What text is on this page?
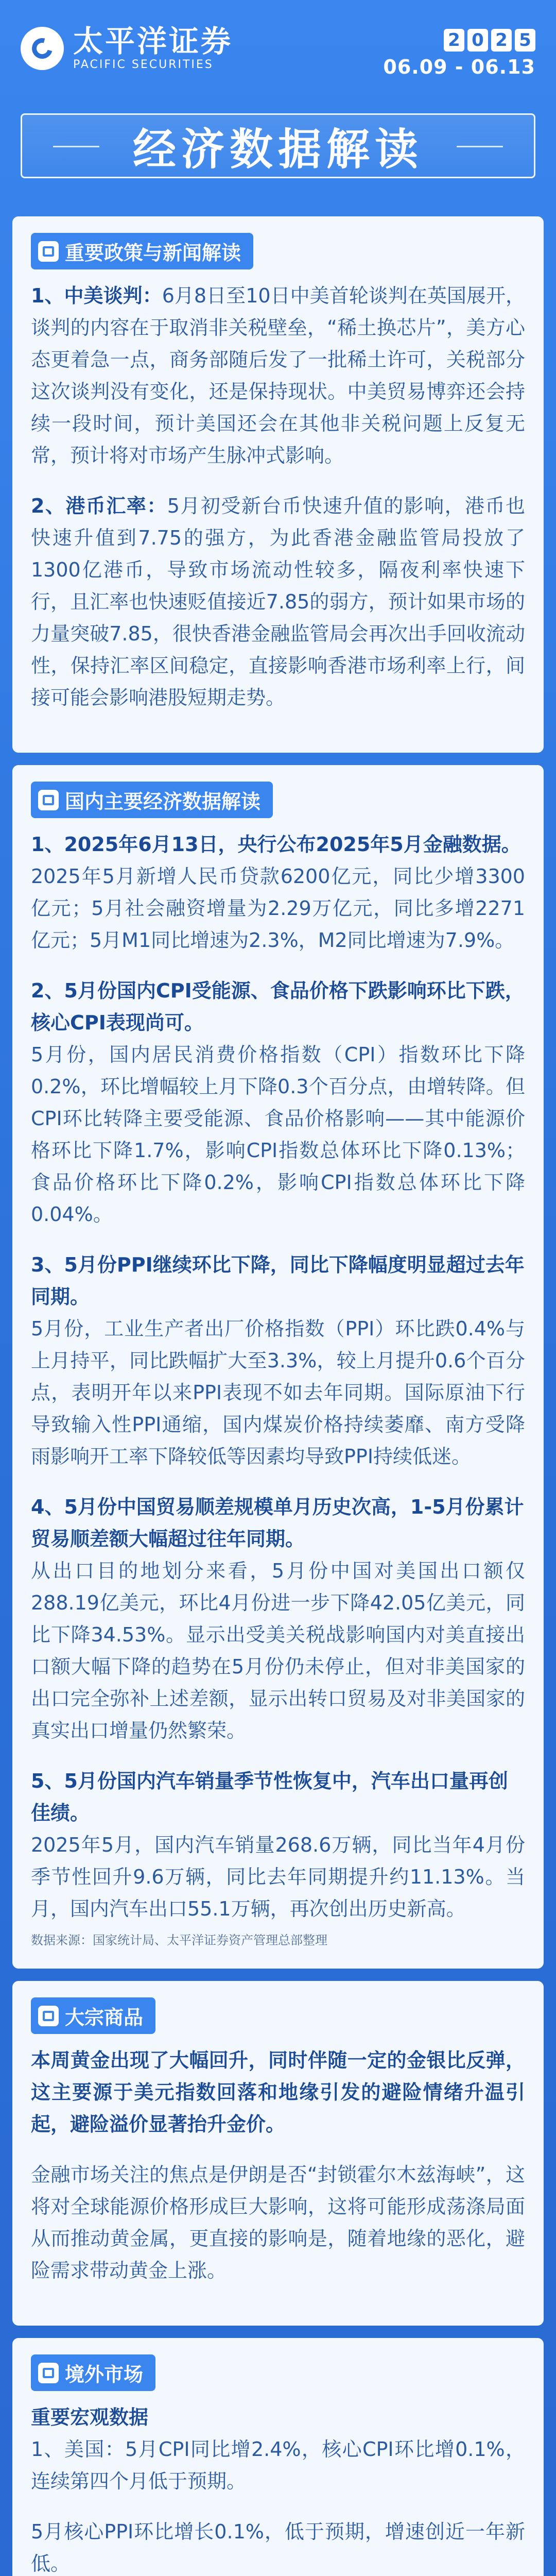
太平洋证券
PACIFIC SECURITIES
2 0 2 5
06.09 - 06.13
经济数据解读
重要政策与新闻解读

1、中美谈判：6月8日至10日中美首轮谈判在英国展开，谈判的内容在于取消非关税壁垒，“稀土换芯片”，美方心态更着急一点，商务部随后发了一批稀土许可，关税部分这次谈判没有变化，还是保持现状。中美贸易博弈还会持续一段时间，预计美国还会在其他非关税问题上反复无常，预计将对市场产生脉冲式影响。

2、港币汇率：5月初受新台币快速升值的影响，港币也快速升值到7.75的强方，为此香港金融监管局投放了1300亿港币，导致市场流动性较多，隔夜利率快速下行，且汇率也快速贬值接近7.85的弱方，预计如果市场的力量突破7.85，很快香港金融监管局会再次出手回收流动性，保持汇率区间稳定，直接影响香港市场利率上行，间接可能会影响港股短期走势。

国内主要经济数据解读

1、2025年6月13日，央行公布2025年5月金融数据。

2025年5月新增人民币贷款6200亿元，同比少增3300亿元；5月社会融资增量为2.29万亿元，同比多增2271亿元；5月M1同比增速为2.3%，M2同比增速为7.9%。

2、5月份国内CPI受能源、食品价格下跌影响环比下跌，核心CPI表现尚可。

5月份，国内居民消费价格指数（CPI）指数环比下降0.2%，环比增幅较上月下降0.3个百分点，由增转降。但CPI环比转降主要受能源、食品价格影响——其中能源价格环比下降1.7%，影响CPI指数总体环比下降0.13%；食品价格环比下降0.2%，影响CPI指数总体环比下降0.04%。

3、5月份PPI继续环比下降，同比下降幅度明显超过去年同期。

5月份，工业生产者出厂价格指数（PPI）环比跌0.4%与上月持平，同比跌幅扩大至3.3%，较上月提升0.6个百分点，表明开年以来PPI表现不如去年同期。国际原油下行导致输入性PPI通缩，国内煤炭价格持续萎靡、南方受降雨影响开工率下降较低等因素均导致PPI持续低迷。

4、5月份中国贸易顺差规模单月历史次高，1-5月份累计贸易顺差额大幅超过往年同期。

从出口目的地划分来看，5月份中国对美国出口额仅288.19亿美元，环比4月份进一步下降42.05亿美元，同比下降34.53%。显示出受美关税战影响国内对美直接出口额大幅下降的趋势在5月份仍未停止，但对非美国家的出口完全弥补上述差额，显示出转口贸易及对非美国家的真实出口增量仍然繁荣。

5、5月份国内汽车销量季节性恢复中，汽车出口量再创佳绩。

2025年5月，国内汽车销量268.6万辆，同比当年4月份季节性回升9.6万辆，同比去年同期提升约11.13%。当月，国内汽车出口55.1万辆，再次创出历史新高。

数据来源：国家统计局、太平洋证券资产管理总部整理
大宗商品

本周黄金出现了大幅回升，同时伴随一定的金银比反弹，这主要源于美元指数回落和地缘引发的避险情绪升温引起，避险溢价显著抬升金价。

金融市场关注的焦点是伊朗是否“封锁霍尔木兹海峡”，这将对全球能源价格形成巨大影响，这将可能形成荡涤局面从而推动黄金属，更直接的影响是，随着地缘的恶化，避险需求带动黄金上涨。

境外市场

重要宏观数据

1、美国：5月CPI同比增2.4%，核心CPI环比增0.1%，连续第四个月低于预期。

5月核心PPI环比增长0.1%，低于预期，增速创近一年新低。
